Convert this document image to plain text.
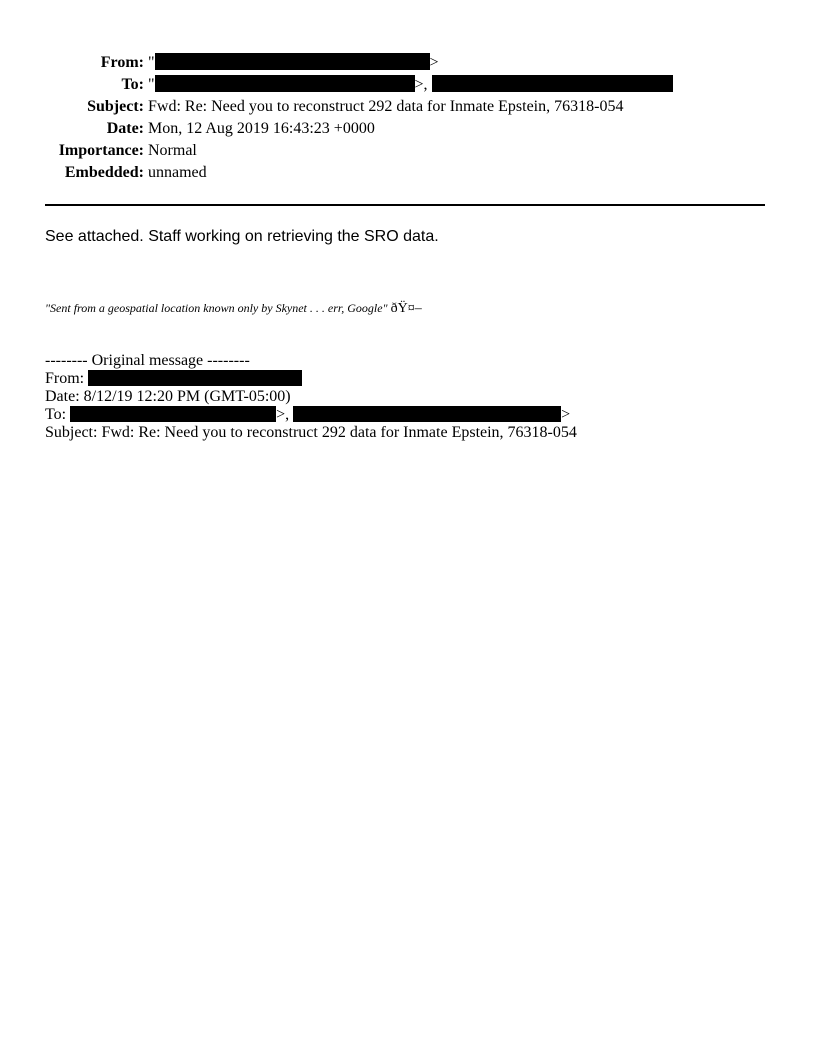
From: "	>
To: "	>,
Subject: Fwd: Re: Need you to reconstruct 292 data for Inmate Epstein, 76318-054
Date: Mon, 12 Aug 2019 16:43:23 +0000
Importance: Normal
Embedded: unnamed
See attached. Staff working on retrieving the SRO data.
"Sent from a geospatial location known only by Skynet . . . err, Google" ðŸ¤–
-------- Original message --------
From:
Date: 8/12/19 12:20 PM (GMT-05:00)
To:	>,	>
Subject: Fwd: Re: Need you to reconstruct 292 data for Inmate Epstein, 76318-054
